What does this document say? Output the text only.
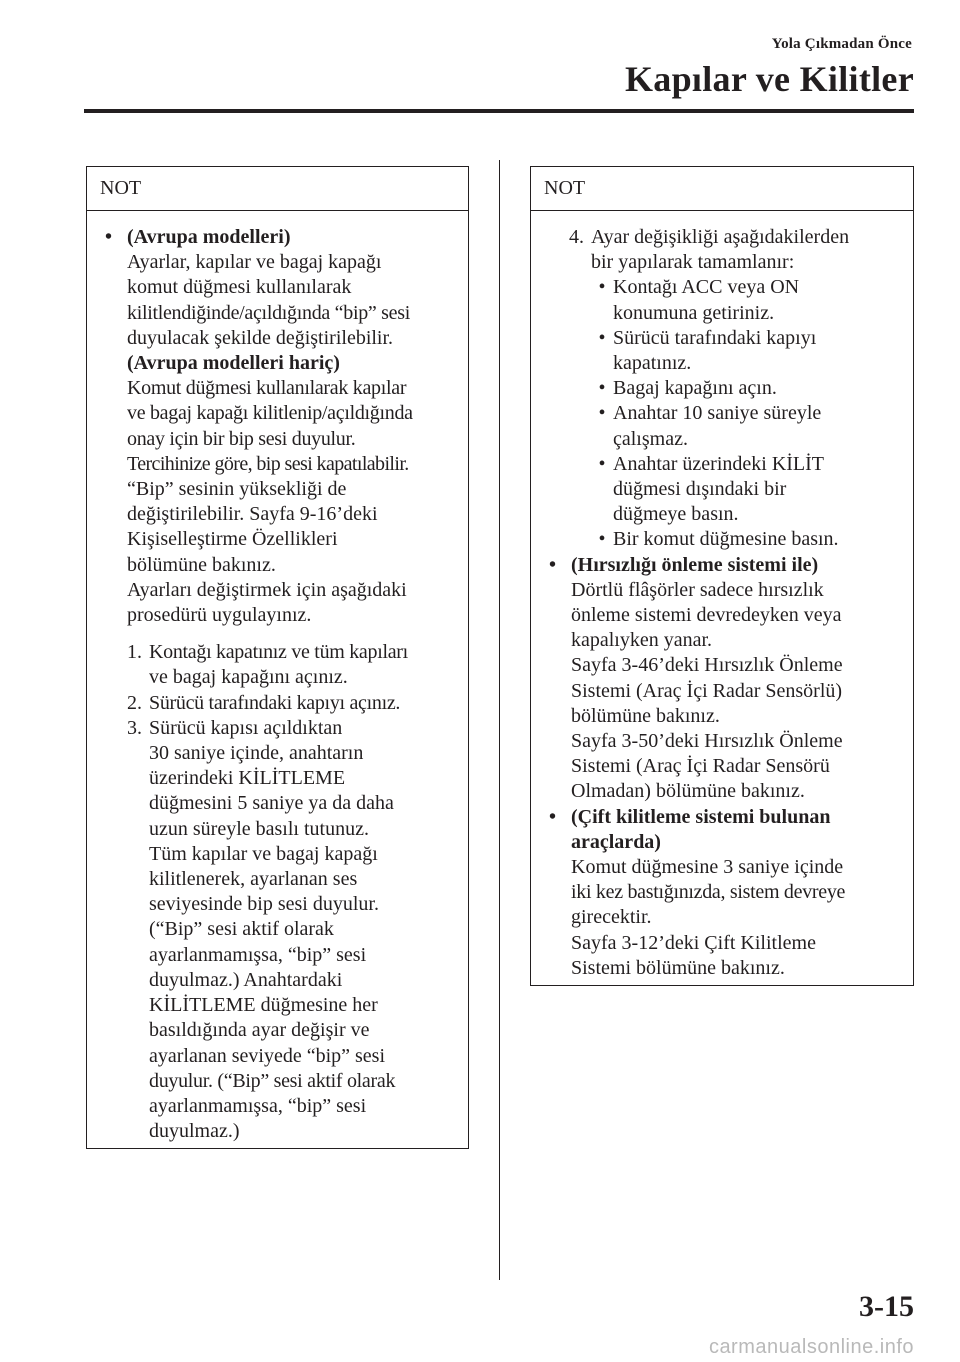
Yola Çıkmadan Önce
Kapılar ve Kilitler
NOT
• (Avrupa modelleri)
Ayarlar, kapılar ve bagaj kapağı
komut düğmesi kullanılarak
kilitlendiğinde/açıldığında “bip” sesi
duyulacak şekilde değiştirilebilir.
(Avrupa modelleri hariç)
Komut düğmesi kullanılarak kapılar
ve bagaj kapağı kilitlenip/açıldığında
onay için bir bip sesi duyulur.
Tercihinize göre, bip sesi kapatılabilir.
“Bip” sesinin yüksekliği de
değiştirilebilir. Sayfa 9-16’deki
Kişiselleştirme Özellikleri
bölümüne bakınız.
Ayarları değiştirmek için aşağıdaki
prosedürü uygulayınız.
1. Kontağı kapatınız ve tüm kapıları
ve bagaj kapağını açınız.
2. Sürücü tarafındaki kapıyı açınız.
3. Sürücü kapısı açıldıktan
30 saniye içinde, anahtarın
üzerindeki KİLİTLEME
düğmesini 5 saniye ya da daha
uzun süreyle basılı tutunuz.
Tüm kapılar ve bagaj kapağı
kilitlenerek, ayarlanan ses
seviyesinde bip sesi duyulur.
(“Bip” sesi aktif olarak
ayarlanmamışsa, “bip” sesi
duyulmaz.) Anahtardaki
KİLİTLEME düğmesine her
basıldığında ayar değişir ve
ayarlanan seviyede “bip” sesi
duyulur. (“Bip” sesi aktif olarak
ayarlanmamışsa, “bip” sesi
duyulmaz.)
NOT
4. Ayar değişikliği aşağıdakilerden
bir yapılarak tamamlanır:
• Kontağı ACC veya ON
konumuna getiriniz.
• Sürücü tarafındaki kapıyı
kapatınız.
• Bagaj kapağını açın.
• Anahtar 10 saniye süreyle
çalışmaz.
• Anahtar üzerindeki KİLİT
düğmesi dışındaki bir
düğmeye basın.
• Bir komut düğmesine basın.
• (Hırsızlığı önleme sistemi ile)
Dörtlü flâşörler sadece hırsızlık
önleme sistemi devredeyken veya
kapalıyken yanar.
Sayfa 3-46’deki Hırsızlık Önleme
Sistemi (Araç İçi Radar Sensörlü)
bölümüne bakınız.
Sayfa 3-50’deki Hırsızlık Önleme
Sistemi (Araç İçi Radar Sensörü
Olmadan) bölümüne bakınız.
• (Çift kilitleme sistemi bulunan
araçlarda)
Komut düğmesine 3 saniye içinde
iki kez bastığınızda, sistem devreye
girecektir.
Sayfa 3-12’deki Çift Kilitleme
Sistemi bölümüne bakınız.
3-15
carmanualsonline.info
